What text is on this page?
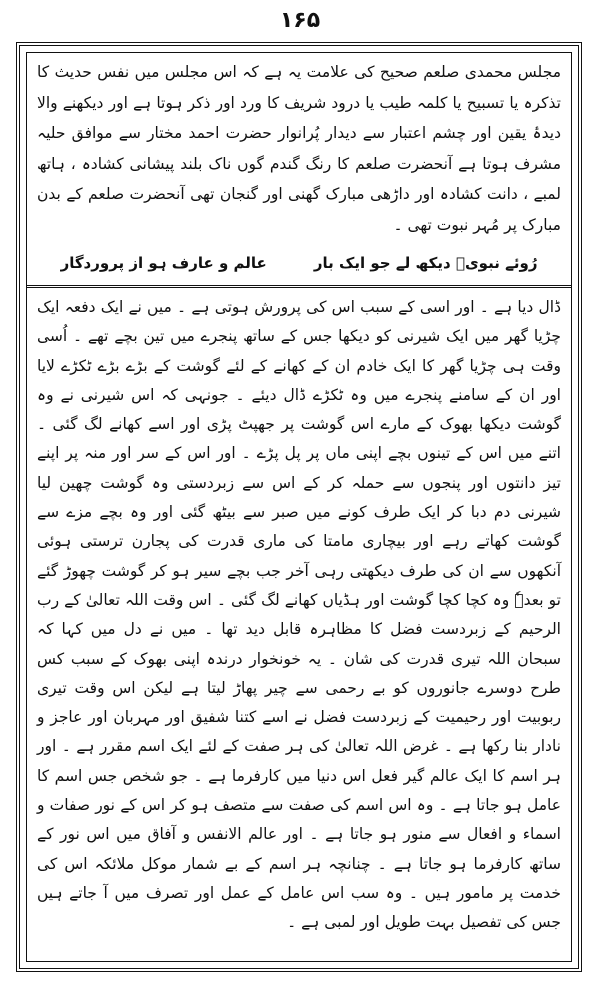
۱۶۵

مجلس محمدی صلعم صحیح کی علامت یہ ہے کہ اس مجلس میں نفس حدیث کا تذکرہ یا تسبیح یا کلمہ طیب یا درود شریف کا ورد اور ذکر ہوتا ہے اور دیکھنے والا دیدۂ یقین اور چشم اعتبار سے دیدار پُرانوار حضرت احمد مختار سے موافق حلیہ مشرف ہوتا ہے آنحضرت صلعم کا رنگ گندم گوں ناک بلند پیشانی کشادہ ، ہاتھ لمبے ، دانت کشادہ اور داڑھی مبارک گھنی اور گنجان تھی آنحضرت صلعم کے بدن مبارک پر مُہر نبوت تھی ۔

رُوئے نبویؐ دیکھ لے جو ایک بار
عالم و عارف ہو از پروردگار

ڈال دیا ہے ۔ اور اسی کے سبب اس کی پرورش ہوتی ہے ۔ میں نے ایک دفعہ ایک چڑیا گھر میں ایک شیرنی کو دیکھا جس کے ساتھ پنجرے میں تین بچے تھے ۔ اُسی وقت ہی چڑیا گھر کا ایک خادم ان کے کھانے کے لئے گوشت کے بڑے بڑے ٹکڑے لایا اور ان کے سامنے پنجرے میں وہ ٹکڑے ڈال دیئے ۔ جونہی کہ اس شیرنی نے وہ گوشت دیکھا بھوک کے مارے اس گوشت پر جھپٹ پڑی اور اسے کھانے لگ گئی ۔ اتنے میں اس کے تینوں بچے اپنی ماں پر پل پڑے ۔ اور اس کے سر اور منہ پر اپنے تیز دانتوں اور پنجوں سے حملہ کر کے اس سے زبردستی وہ گوشت چھین لیا شیرنی دم دبا کر ایک طرف کونے میں صبر سے بیٹھ گئی اور وہ بچے مزے سے گوشت کھاتے رہے اور بیچاری مامتا کی ماری قدرت کی پجارن ترستی ہوئی آنکھوں سے ان کی طرف دیکھتی رہی آخر جب بچے سیر ہو کر گوشت چھوڑ گئے تو بعدہٗ وہ کچا کچا گوشت اور ہڈیاں کھانے لگ گئی ۔ اس وقت اللہ تعالیٰ کے رب الرحیم کے زبردست فضل کا مظاہرہ قابل دید تھا ۔ میں نے دل میں کہا کہ سبحان اللہ تیری قدرت کی شان ۔ یہ خونخوار درندہ اپنی بھوک کے سبب کس طرح دوسرے جانوروں کو بے رحمی سے چیر پھاڑ لیتا ہے لیکن اس وقت تیری ربوبیت اور رحیمیت کے زبردست فضل نے اسے کتنا شفیق اور مہربان اور عاجز و نادار بنا رکھا ہے ۔ غرض اللہ تعالیٰ کی ہر صفت کے لئے ایک اسم مقرر ہے ۔ اور ہر اسم کا ایک عالم گیر فعل اس دنیا میں کارفرما ہے ۔ جو شخص جس اسم کا عامل ہو جاتا ہے ۔ وہ اس اسم کی صفت سے متصف ہو کر اس کے نور صفات و اسماء و افعال سے منور ہو جاتا ہے ۔ اور عالم الانفس و آفاق میں اس نور کے ساتھ کارفرما ہو جاتا ہے ۔ چنانچہ ہر اسم کے بے شمار موکل ملائکہ اس کی خدمت پر مامور ہیں ۔ وہ سب اس عامل کے عمل اور تصرف میں آ جاتے ہیں جس کی تفصیل بہت طویل اور لمبی ہے ۔
